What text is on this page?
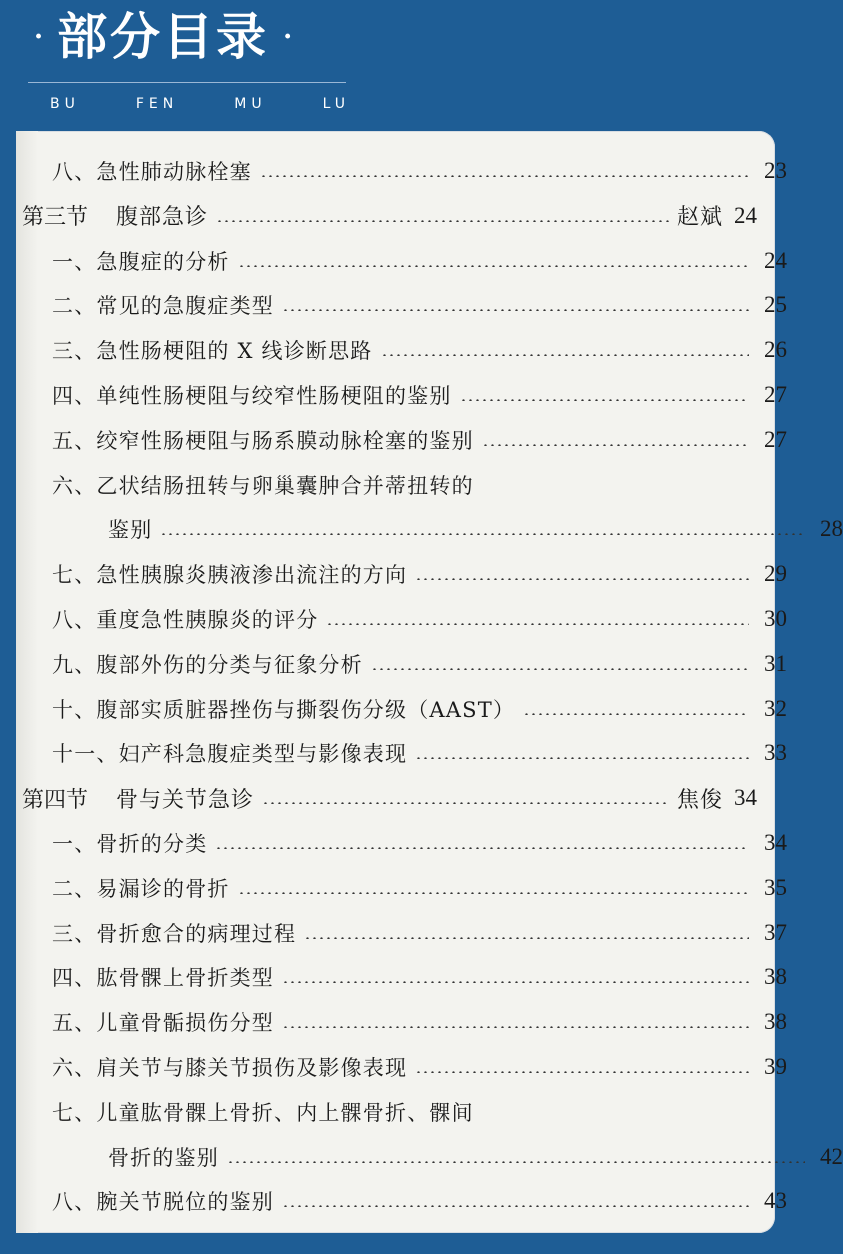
· 部分目录 ·
BU	FEN	MU	LU
八、急性肺动脉栓塞	23
第三节 腹部急诊	赵斌 24
一、急腹症的分析	24
二、常见的急腹症类型	25
三、急性肠梗阻的 X 线诊断思路	26
四、单纯性肠梗阻与绞窄性肠梗阻的鉴别	27
五、绞窄性肠梗阻与肠系膜动脉栓塞的鉴别	27
六、乙状结肠扭转与卵巢囊肿合并蒂扭转的
鉴别	28
七、急性胰腺炎胰液渗出流注的方向	29
八、重度急性胰腺炎的评分	30
九、腹部外伤的分类与征象分析	31
十、腹部实质脏器挫伤与撕裂伤分级（AAST）	32
十一、妇产科急腹症类型与影像表现	33
第四节 骨与关节急诊	焦俊 34
一、骨折的分类	34
二、易漏诊的骨折	35
三、骨折愈合的病理过程	37
四、肱骨髁上骨折类型	38
五、儿童骨骺损伤分型	38
六、肩关节与膝关节损伤及影像表现	39
七、儿童肱骨髁上骨折、内上髁骨折、髁间
骨折的鉴别	42
八、腕关节脱位的鉴别	43
